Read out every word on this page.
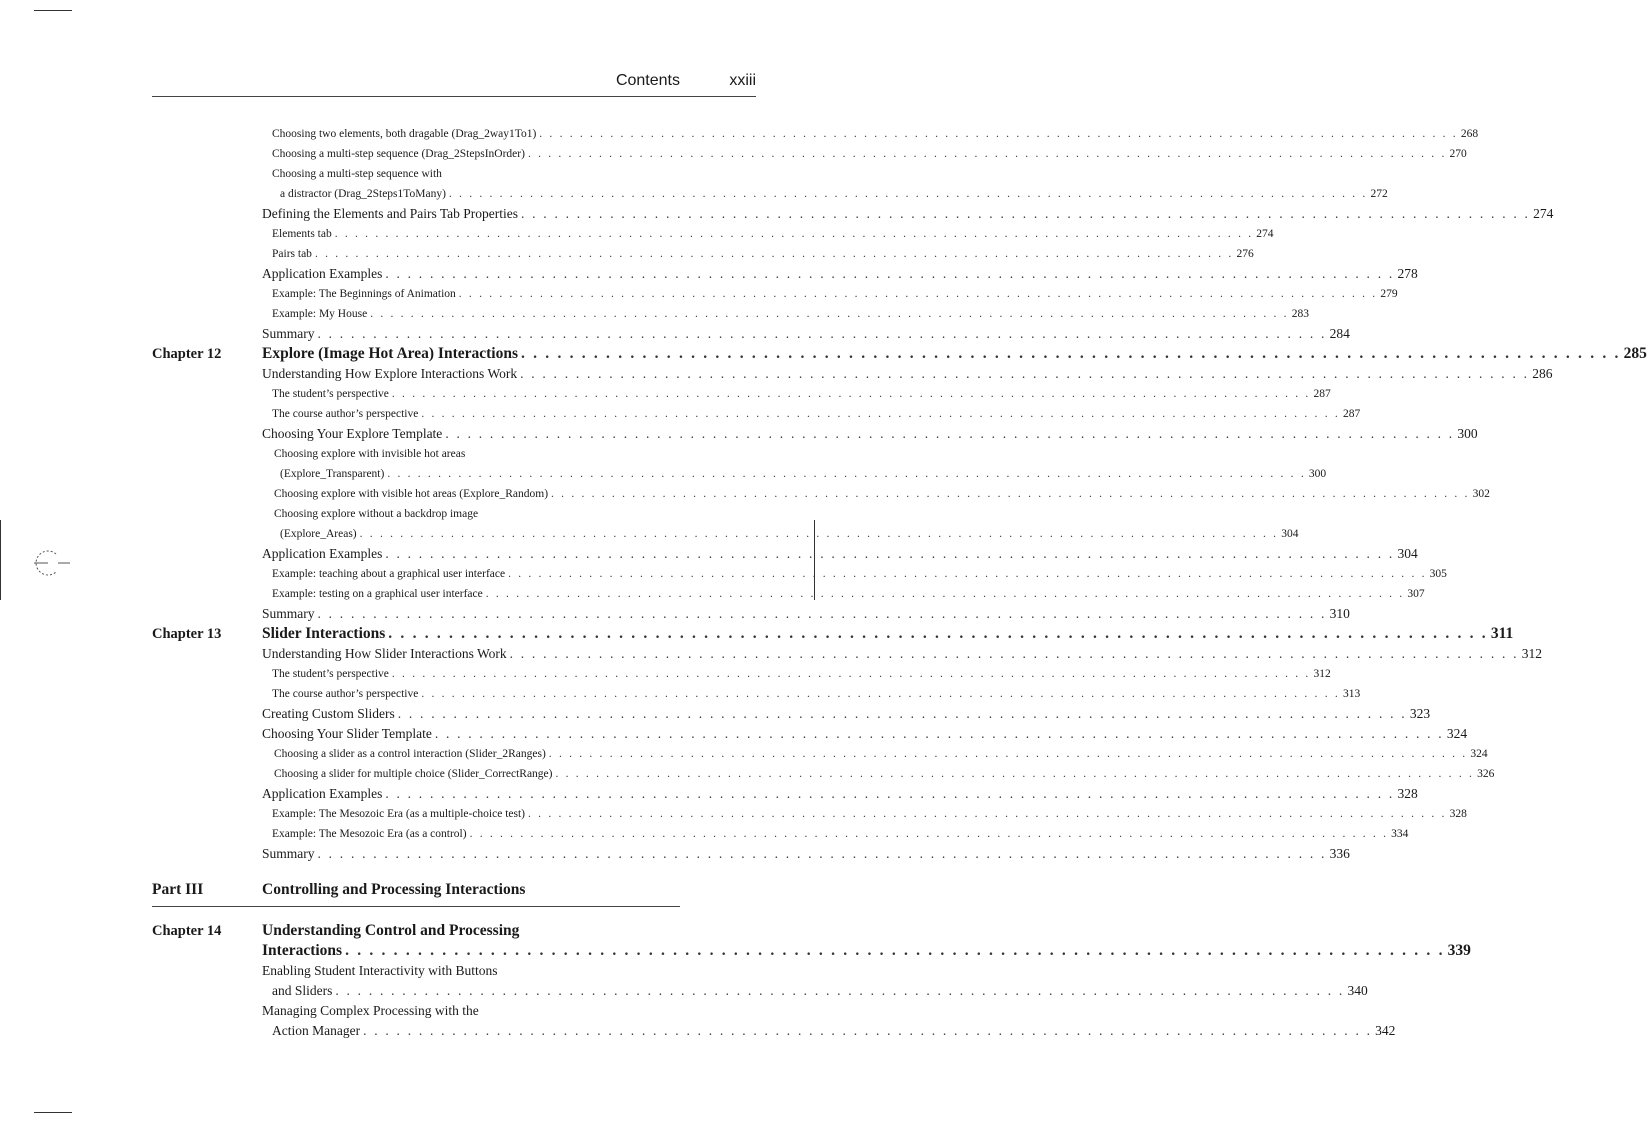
Contents	xxiii
Choosing two elements, both dragable (Drag_2way1To1) . . .	268
Choosing a multi-step sequence (Drag_2StepsInOrder) . . .	270
Choosing a multi-step sequence with
a distractor (Drag_2Steps1ToMany) . . .	272
Defining the Elements and Pairs Tab Properties . . .	274
Elements tab . . .	274
Pairs tab . . .	276
Application Examples . . .	278
Example: The Beginnings of Animation . . .	279
Example: My House . . .	283
Summary . . .	284
Chapter 12	Explore (Image Hot Area) Interactions . . .	285
Understanding How Explore Interactions Work . . .	286
The student’s perspective . . .	287
The course author’s perspective . . .	287
Choosing Your Explore Template . . .	300
Choosing explore with invisible hot areas
(Explore_Transparent) . . .	300
Choosing explore with visible hot areas (Explore_Random) . . .	302
Choosing explore without a backdrop image
(Explore_Areas) . . .	304
Application Examples . . .	304
Example: teaching about a graphical user interface . . .	305
Example: testing on a graphical user interface . . .	307
Summary . . .	310
Chapter 13	Slider Interactions . . .	311
Understanding How Slider Interactions Work . . .	312
The student’s perspective . . .	312
The course author’s perspective . . .	313
Creating Custom Sliders . . .	323
Choosing Your Slider Template . . .	324
Choosing a slider as a control interaction (Slider_2Ranges) . . .	324
Choosing a slider for multiple choice (Slider_CorrectRange) . . .	326
Application Examples . . .	328
Example: The Mesozoic Era (as a multiple-choice test) . . .	328
Example: The Mesozoic Era (as a control) . . .	334
Summary . . .	336
Part III	Controlling and Processing Interactions
Chapter 14	Understanding Control and Processing
Interactions . . .	339
Enabling Student Interactivity with Buttons
and Sliders . . .	340
Managing Complex Processing with the
Action Manager . . .	342
